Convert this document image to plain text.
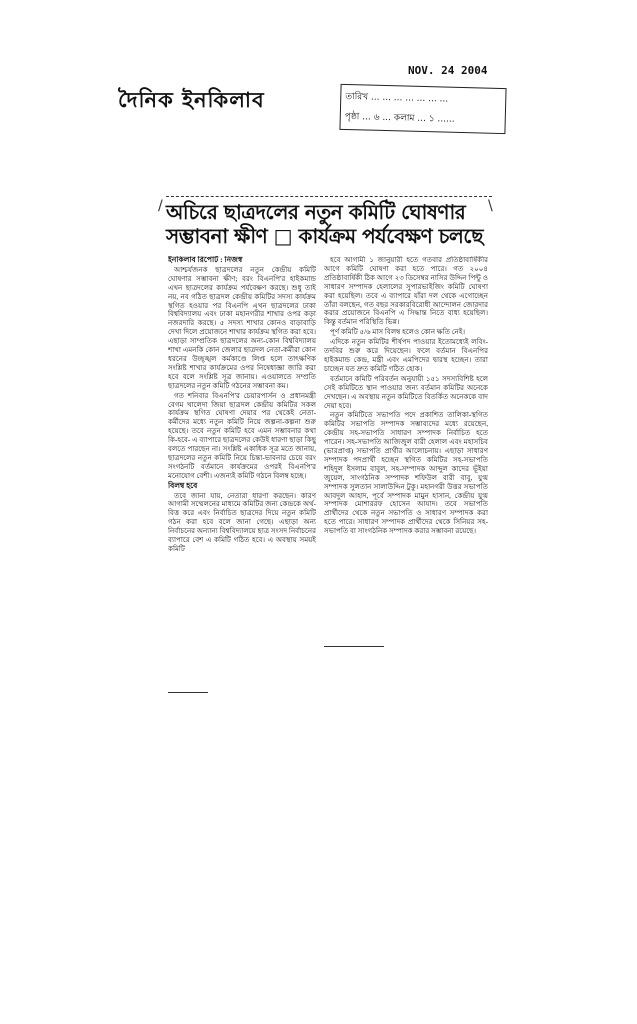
দৈনিক ইনকিলাব
NOV. 24 2004
তারিখ ... ... ... ... ... ... ...
পৃষ্ঠা ... ৬ ... কলাম ... ১ ......
/	\
অচিরে ছাত্রদলের নতুন কমিটি ঘোষণার
সম্ভাবনা ক্ষীণ □ কার্যক্রম পর্যবেক্ষণ চলছে

ইনকিলাব রিপোর্ট : নিজস্ব

আশ্চর্যজনক ছাত্রদলের নতুন কেন্দ্রীয় কমিটি ঘোষণার সম্ভাবনা ক্ষীণ; বরং বিএনপি'র হাইকমান্ড এখন ছাত্রদলের কার্যক্রম পর্যবেক্ষণ করছে। শুধু তাই নয়, নব গঠিত ছাত্রদল কেন্দ্রীয় কমিটির সদস্য কার্যক্রম স্থগিত হওয়ার পর বিএনপি এখন ছাত্রদলের ঢাকা বিশ্ববিদ্যালয় এবং ঢাকা মহানগরীর শাখার ওপর কড়া নজরদারি করছে। ৫ সদস্য শাখার কোনও বাড়াবাড়ি দেখা দিলে প্রয়োজনে শাখার কার্যক্রম স্থগিত করা হবে। এছাড়া সাম্প্রতিক ছাত্রদলের অন্য-কোন বিশ্ববিদ্যালয় শাখা এমনকি কোন জেলার ছাত্রদল নেতা-কর্মীরা কোন ধরনের উচ্ছৃঙ্খল কর্মকাণ্ডে লিপ্ত হলে তাৎক্ষণিক সংশ্লিষ্ট শাখার কার্যক্রমের ওপর নিষেধাজ্ঞা জারি করা হবে বলে সংশ্লিষ্ট সূত্র জানায়। এওয়ালতে সম্প্রতি ছাত্রদলের নতুন কমিটি গঠনের সম্ভাবনা কম।

গত শনিবার বিএনপি'র চেয়ারপার্সন ও প্রধানমন্ত্রী বেগম খালেদা জিয়া ছাত্রদল কেন্দ্রীয় কমিটির সকল কার্যক্রম স্থগিত ঘোষণা দেয়ার পর থেকেই নেতা-কর্মীদের মধ্যে নতুন কমিটি নিয়ে জল্পনা-কল্পনা শুরু হয়েছে। তবে নতুন কমিটি হবে এমন সম্ভাবনার কথা কি-হবে- এ ব্যাপারে ছাত্রদলের কেউই ধারণা ছাড়া কিছু বলতে পারছেন না। সংশ্লিষ্ট একাধিক সূত্র মতে জানায়, ছাত্রদলের নতুন কমিটি নিয়ে চিন্তা-ভাবনার চেয়ে বরং সংগঠনটি বর্তমানে কার্যক্রমের ওপরই বিএনপি'র মনোযোগ বেশী। এজন্যই কমিটি গঠনে বিলম্ব হচ্ছে।

বিলম্ব হবে

তবে জানা যায়, নেতারা ধারণা করছেন। কারণ আগামী সম্মেলনের মাধ্যমে কমিটির জন্য কেন্দ্রকে অর্থ-বিত্ত করে এবং নির্বাচিত ছাত্রদের দিয়ে নতুন কমিটি গঠন করা হবে বলে জানা গেছে। এছাড়া অন্য নির্বাচনের অন্যান্য বিশ্ববিদ্যালয়ে ছাত্র সংসদ নির্বাচনের ব্যাপারে বেশ এ কমিটি গঠিত হবে। এ অবস্থায় সময়ই কমিটি

হবে আগামী ১ জানুয়ারী হতে গতবার প্রতিষ্ঠাবার্ষিকীর আগে কমিটি ঘোষণা করা হতে পারে। গত ২০০৪ প্রতিষ্ঠাবার্ষিকী ঠিক আগে ২৩ ডিসেম্বর নাসির উদ্দিন পিন্টু ও সাধারণ সম্পাদক হেলালের সুপারভাইজিং কমিটি ঘোষণা করা হয়েছিল। তবে এ ব্যাপারে যাঁরা দল থেকে এগোচ্ছেন তাঁরা বলছেন, গত বছর সরকারবিরোধী আন্দোলন জোরদার করার প্রয়োজনে বিএনপি এ সিদ্ধান্ত নিতে বাধ্য হয়েছিল। কিন্তু বর্তমান পরিস্থিতি ভিন্ন।

পূর্ণ কমিটি ৫/৬ মাস বিলম্ব হলেও কোন ক্ষতি নেই।

এদিকে নতুন কমিটির শীর্ষপদ পাওয়ার ইতোমধ্যেই লবিং-তদবির শুরু করে দিয়েছেন। ফলে বর্তমান বিএনপির হাইকমান্ড কেন্দ্র, মন্ত্রী এবং এমপিদের দ্বারস্থ হচ্ছেন। তারা চাচ্ছেন যত দ্রুত কমিটি গঠিত হোক।

বর্তমানে কমিটি পরিবর্তন অনুযায়ী ১৫১ সদস্যবিশিষ্ট হলে সেই কমিটিতে স্থান পাওয়ার জন্য বর্তমান কমিটির অনেকে দেখছেন। এ অবস্থায় নতুন কমিটিতে বিতর্কিত অনেককে বাদ দেয়া হবে।

নতুন কমিটিতে সভাপতি পদে প্রকাশিত তালিকা-স্থগিত কমিটির সভাপতি সম্পাদক সম্ভাব্যদের মধ্যে রয়েছেন, কেন্দ্রীয় সহ-সভাপতি সাধারণ সম্পাদক নির্বাচিত হতে পারেন। সহ-সভাপতি আজিজুল বারী হেলাল এবং মহাসচিব (ভারপ্রাপ্ত) সভাপতি প্রার্থীর আলোচনায়। এছাড়া সাধারণ সম্পাদক পদপ্রার্থী হচ্ছেন স্থগিত কমিটির সহ-সভাপতি শহিদুল ইসলাম বাবুল, সহ-সম্পাদক আব্দুল কাদের ভূঁইয়া জুয়েল, সাংগঠনিক সম্পাদক শফিউল বারী বাবু, যুগ্ম সম্পাদক সুলতান সালাউদ্দিন টুকু। মহানগরী উত্তর সভাপতি আবদুল আহাদ, পূর্বে সম্পাদক মামুন হাসান, কেন্দ্রীয় যুগ্ম সম্পাদক মোশাররফ হোসেন আযাদ। তবে সভাপতি প্রার্থীদের থেকে নতুন সভাপতি ও সাধারণ সম্পাদক করা হতে পারে। সাধারণ সম্পাদক প্রার্থীদের থেকে সিনিয়র সহ-সভাপতি বা সাংগঠনিক সম্পাদক করার সম্ভাবনা রয়েছে।
